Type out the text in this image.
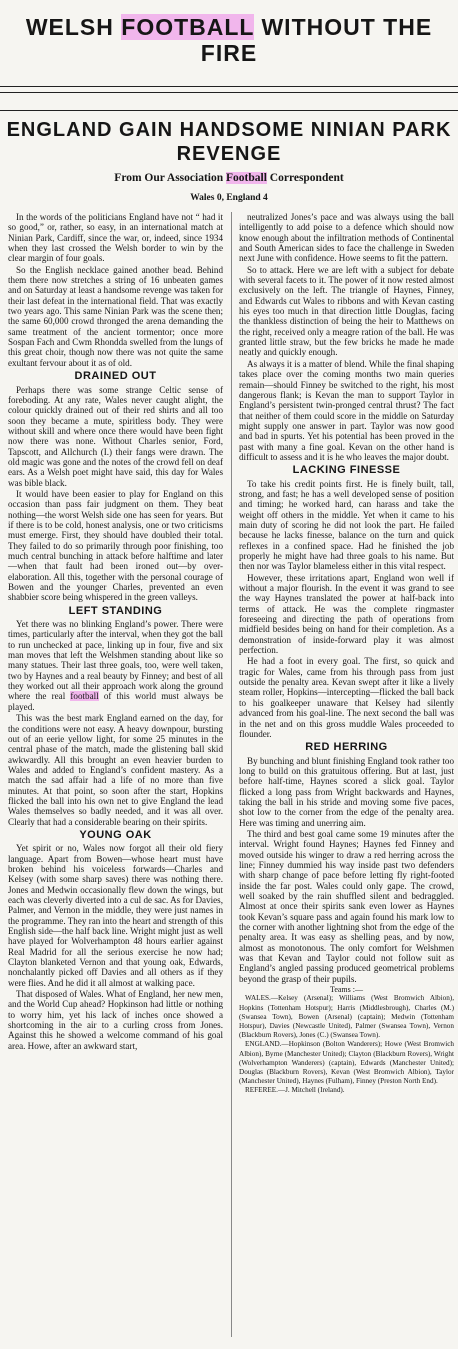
WELSH FOOTBALL WITHOUT THE FIRE
ENGLAND GAIN HANDSOME NINIAN PARK REVENGE
From Our Association Football Correspondent
Wales 0, England 4

In the words of the politicians England have not “ had it so good,” or, rather, so easy, in an international match at Ninian Park, Cardiff, since the war, or, indeed, since 1934 when they last crossed the Welsh border to win by the clear margin of four goals.

So the English necklace gained another bead. Behind them there now stretches a string of 16 unbeaten games and on Saturday at least a handsome revenge was taken for their last defeat in the international field. That was exactly two years ago. This same Ninian Park was the scene then; the same 60,000 crowd thronged the arena demanding the same treatment of the ancient tormentor; once more Sospan Fach and Cwm Rhondda swelled from the lungs of this great choir, though now there was not quite the same exultant fervour about it as of old.

DRAINED OUT

Perhaps there was some strange Celtic sense of foreboding. At any rate, Wales never caught alight, the colour quickly drained out of their red shirts and all too soon they became a mute, spiritless body. They were without skill and where once there would have been fight now there was none. Without Charles senior, Ford, Tapscott, and Allchurch (I.) their fangs were drawn. The old magic was gone and the notes of the crowd fell on deaf ears. As a Welsh poet might have said, this day for Wales was bible black.

It would have been easier to play for England on this occasion than pass fair judgment on them. They beat nothing—the worst Welsh side one has seen for years. But if there is to be cold, honest analysis, one or two criticisms must emerge. First, they should have doubled their total. They failed to do so primarily through poor finishing, too much central bunching in attack before halftime and later—when that fault had been ironed out—by over-elaboration. All this, together with the personal courage of Bowen and the younger Charles, prevented an even shabbier score being whispered in the green valleys.

LEFT STANDING

Yet there was no blinking England’s power. There were times, particularly after the interval, when they got the ball to run unchecked at pace, linking up in four, five and six man moves that left the Welshmen standing about like so many statues. Their last three goals, too, were well taken, two by Haynes and a real beauty by Finney; and best of all they worked out all their approach work along the ground where the real football of this world must always be played.

This was the best mark England earned on the day, for the conditions were not easy. A heavy downpour, bursting out of an eerie yellow light, for some 25 minutes in the central phase of the match, made the glistening ball skid awkwardly. All this brought an even heavier burden to Wales and added to England’s confident mastery. As a match the sad affair had a life of no more than five minutes. At that point, so soon after the start, Hopkins flicked the ball into his own net to give England the lead Wales themselves so badly needed, and it was all over. Clearly that had a considerable bearing on their spirits.

YOUNG OAK

Yet spirit or no, Wales now forgot all their old fiery language. Apart from Bowen—whose heart must have broken behind his voiceless forwards—Charles and Kelsey (with some sharp saves) there was nothing there. Jones and Medwin occasionally flew down the wings, but each was cleverly diverted into a cul de sac. As for Davies, Palmer, and Vernon in the middle, they were just names in the programme. They ran into the heart and strength of this English side—the half back line. Wright might just as well have played for Wolverhampton 48 hours earlier against Real Madrid for all the serious exercise he now had; Clayton blanketed Vernon and that young oak, Edwards, nonchalantly picked off Davies and all others as if they were flies. And he did it all almost at walking pace.

That disposed of Wales. What of England, her new men, and the World Cup ahead? Hopkinson had little or nothing to worry him, yet his lack of inches once showed a shortcoming in the air to a curling cross from Jones. Against this he showed a welcome command of his goal area. Howe, after an awkward start,

neutralized Jones’s pace and was always using the ball intelligently to add poise to a defence which should now know enough about the infiltration methods of Continental and South American sides to face the challenge in Sweden next June with confidence. Howe seems to fit the pattern.

So to attack. Here we are left with a subject for debate with several facets to it. The power of it now rested almost exclusively on the left. The triangle of Haynes, Finney, and Edwards cut Wales to ribbons and with Kevan casting his eyes too much in that direction little Douglas, facing the thankless distinction of being the heir to Matthews on the right, received only a meagre ration of the ball. He was granted little straw, but the few bricks he made he made neatly and quickly enough.

As always it is a matter of blend. While the final shaping takes place over the coming months two main queries remain—should Finney be switched to the right, his most dangerous flank; is Kevan the man to support Taylor in England’s persistent twin-pronged central thrust? The fact that neither of them could score in the middle on Saturday might supply one answer in part. Taylor was now good and bad in spurts. Yet his potential has been proved in the past with many a fine goal. Kevan on the other hand is difficult to assess and it is he who leaves the major doubt.

LACKING FINESSE

To take his credit points first. He is finely built, tall, strong, and fast; he has a well developed sense of position and timing; he worked hard, can harass and take the weight off others in the middle. Yet when it came to his main duty of scoring he did not look the part. He failed because he lacks finesse, balance on the turn and quick reflexes in a confined space. Had he finished the job properly he might have had three goals to his name. But then nor was Taylor blameless either in this vital respect.

However, these irritations apart, England won well if without a major flourish. In the event it was grand to see the way Haynes translated the power at half-back into terms of attack. He was the complete ringmaster foreseeing and directing the path of operations from midfield besides being on hand for their completion. As a demonstration of inside-forward play it was almost perfection.

He had a foot in every goal. The first, so quick and tragic for Wales, came from his through pass from just outside the penalty area. Kevan swept after it like a lively steam roller, Hopkins—intercepting—flicked the ball back to his goalkeeper unaware that Kelsey had silently advanced from his goal-line. The next second the ball was in the net and on this gross muddle Wales proceeded to flounder.

RED HERRING

By bunching and blunt finishing England took rather too long to build on this gratuitous offering. But at last, just before half-time, Haynes scored a slick goal. Taylor flicked a long pass from Wright backwards and Haynes, taking the ball in his stride and moving some five paces, shot low to the corner from the edge of the penalty area. Here was timing and unerring aim.

The third and best goal came some 19 minutes after the interval. Wright found Haynes; Haynes fed Finney and moved outside his winger to draw a red herring across the line; Finney dummied his way inside past two defenders with sharp change of pace before letting fly right-footed inside the far post. Wales could only gape. The crowd, well soaked by the rain shuffled silent and bedraggled. Almost at once their spirits sank even lower as Haynes took Kevan’s square pass and again found his mark low to the corner with another lightning shot from the edge of the penalty area. It was easy as shelling peas, and by now, almost as monotonous. The only comfort for Welshmen was that Kevan and Taylor could not follow suit as England’s angled passing produced geometrical problems beyond the grasp of their pupils.

Teams :—

WALES.—Kelsey (Arsenal); Williams (West Bromwich Albion), Hopkins (Tottenham Hotspur); Harris (Middlesbrough), Charles (M.) (Swansea Town), Bowen (Arsenal) (captain); Medwin (Tottenham Hotspur), Davies (Newcastle United), Palmer (Swansea Town), Vernon (Blackburn Rovers), Jones (C.) (Swansea Town).

ENGLAND.—Hopkinson (Bolton Wanderers); Howe (West Bromwich Albion), Byrne (Manchester United); Clayton (Blackburn Rovers), Wright (Wolverhampton Wanderers) (captain), Edwards (Manchester United); Douglas (Blackburn Rovers), Kevan (West Bromwich Albion), Taylor (Manchester United), Haynes (Fulham), Finney (Preston North End).

REFEREE.—J. Mitchell (Ireland).
